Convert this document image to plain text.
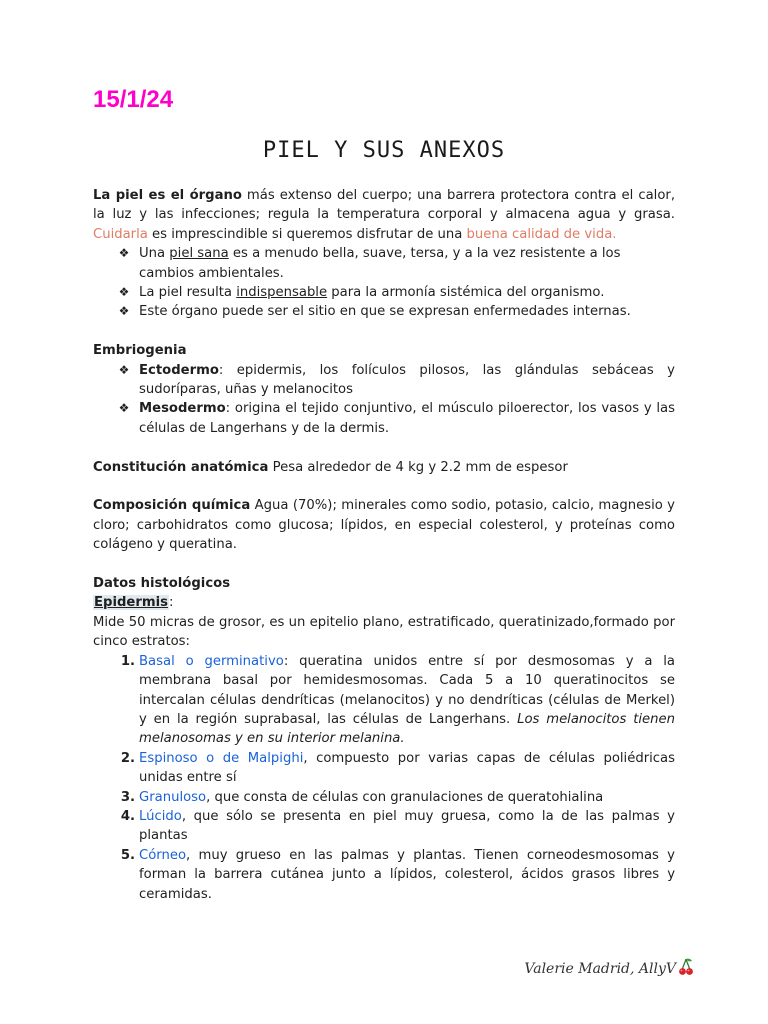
15/1/24
PIEL Y SUS ANEXOS

La piel es el órgano más extenso del cuerpo; una barrera protectora contra el calor, la luz y las infecciones; regula la temperatura corporal y almacena agua y grasa. Cuidarla es imprescindible si queremos disfrutar de una buena calidad de vida.

❖ Una piel sana es a menudo bella, suave, tersa, y a la vez resistente a los cambios ambientales.
❖ La piel resulta indispensable para la armonía sistémica del organismo.
❖ Este órgano puede ser el sitio en que se expresan enfermedades internas.

Embriogenia

❖ Ectodermo: epidermis, los folículos pilosos, las glándulas sebáceas y sudoríparas, uñas y melanocitos
❖ Mesodermo: origina el tejido conjuntivo, el músculo piloerector, los vasos y las células de Langerhans y de la dermis.

Constitución anatómica Pesa alrededor de 4 kg y 2.2 mm de espesor

Composición química Agua (70%); minerales como sodio, potasio, calcio, magnesio y cloro; carbohidratos como glucosa; lípidos, en especial colesterol, y proteínas como colágeno y queratina.

Datos histológicos

Epidermis:

Mide 50 micras de grosor, es un epitelio plano, estratificado, queratinizado,formado por cinco estratos:

1. Basal o germinativo: queratina unidos entre sí por desmosomas y a la membrana basal por hemidesmosomas. Cada 5 a 10 queratinocitos se intercalan células dendríticas (melanocitos) y no dendríticas (células de Merkel) y en la región suprabasal, las células de Langerhans. Los melanocitos tienen melanosomas y en su interior melanina.
2. Espinoso o de Malpighi, compuesto por varias capas de células poliédricas unidas entre sí
3. Granuloso, que consta de células con granulaciones de queratohialina
4. Lúcido, que sólo se presenta en piel muy gruesa, como la de las palmas y plantas
5. Córneo, muy grueso en las palmas y plantas. Tienen corneodesmosomas y forman la barrera cutánea junto a lípidos, colesterol, ácidos grasos libres y ceramidas.
Valerie Madrid, AllyV
